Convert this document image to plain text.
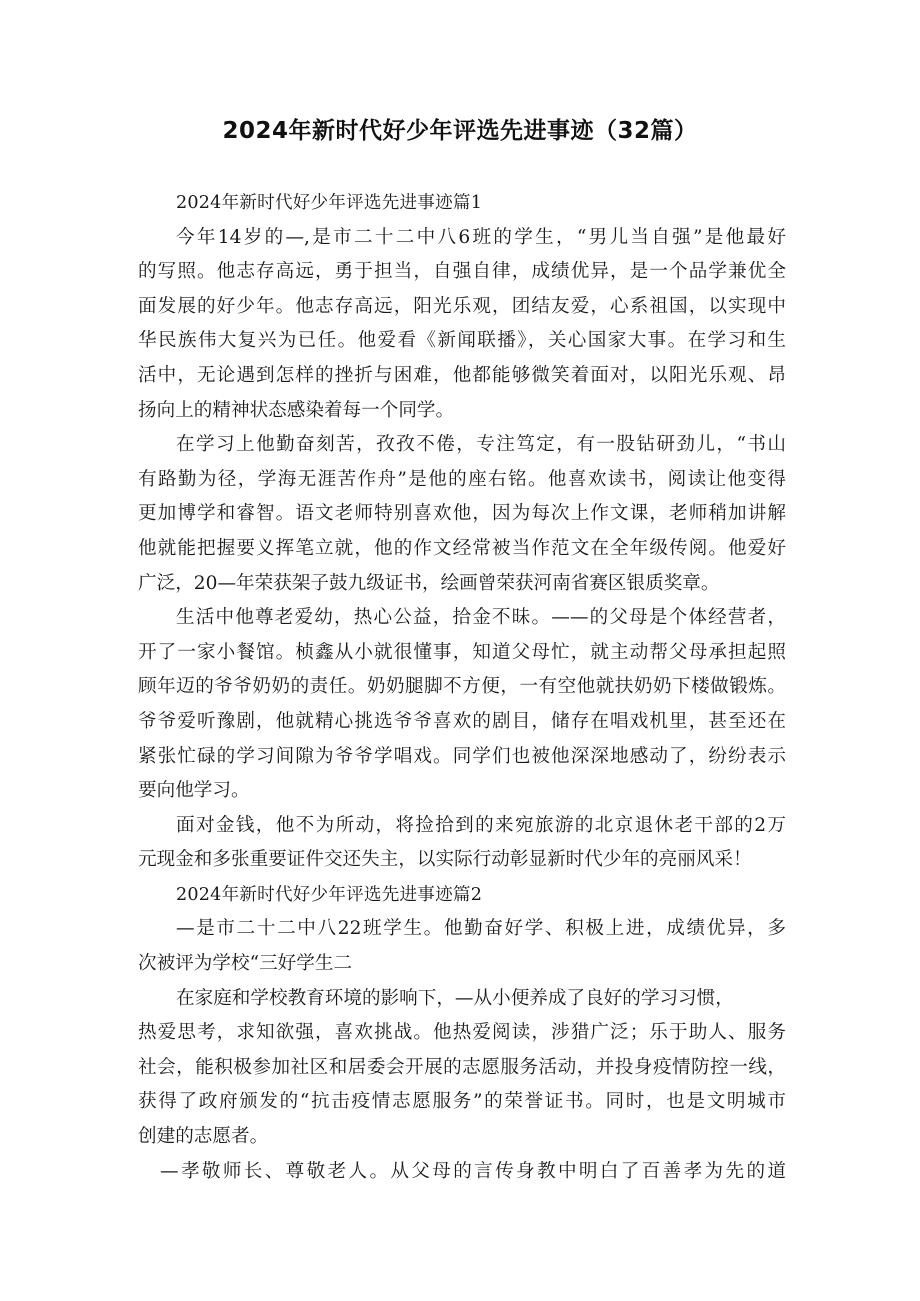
2024年新时代好少年评选先进事迹（32篇）
2024年新时代好少年评选先进事迹篇1
今年14岁的—,是市二十二中八6班的学生，“男儿当自强”是他最好
的写照。他志存高远，勇于担当，自强自律，成绩优异，是一个品学兼优全
面发展的好少年。他志存高远，阳光乐观，团结友爱，心系祖国，以实现中
华民族伟大复兴为已任。他爱看《新闻联播》，关心国家大事。在学习和生
活中，无论遇到怎样的挫折与困难，他都能够微笑着面对，以阳光乐观、昂
扬向上的精神状态感染着每一个同学。
在学习上他勤奋刻苦，孜孜不倦，专注笃定，有一股钻研劲儿，“书山
有路勤为径，学海无涯苦作舟”是他的座右铭。他喜欢读书，阅读让他变得
更加博学和睿智。语文老师特别喜欢他，因为每次上作文课，老师稍加讲解
他就能把握要义挥笔立就，他的作文经常被当作范文在全年级传阅。他爱好
广泛，20—年荣获架子鼓九级证书，绘画曾荣获河南省赛区银质奖章。
生活中他尊老爱幼，热心公益，拾金不昧。——的父母是个体经营者，
开了一家小餐馆。桢鑫从小就很懂事，知道父母忙，就主动帮父母承担起照
顾年迈的爷爷奶奶的责任。奶奶腿脚不方便，一有空他就扶奶奶下楼做锻炼。
爷爷爱听豫剧，他就精心挑选爷爷喜欢的剧目，储存在唱戏机里，甚至还在
紧张忙碌的学习间隙为爷爷学唱戏。同学们也被他深深地感动了，纷纷表示
要向他学习。
面对金钱，他不为所动，将捡拾到的来宛旅游的北京退休老干部的2万
元现金和多张重要证件交还失主，以实际行动彰显新时代少年的亮丽风采！
2024年新时代好少年评选先进事迹篇2
—是市二十二中八22班学生。他勤奋好学、积极上进，成绩优异，多
次被评为学校“三好学生二
在家庭和学校教育环境的影响下，—从小便养成了良好的学习习惯，
热爱思考，求知欲强，喜欢挑战。他热爱阅读，涉猎广泛；乐于助人、服务
社会，能积极参加社区和居委会开展的志愿服务活动，并投身疫情防控一线，
获得了政府颁发的“抗击疫情志愿服务”的荣誉证书。同时，也是文明城市
创建的志愿者。
—孝敬师长、尊敬老人。从父母的言传身教中明白了百善孝为先的道
